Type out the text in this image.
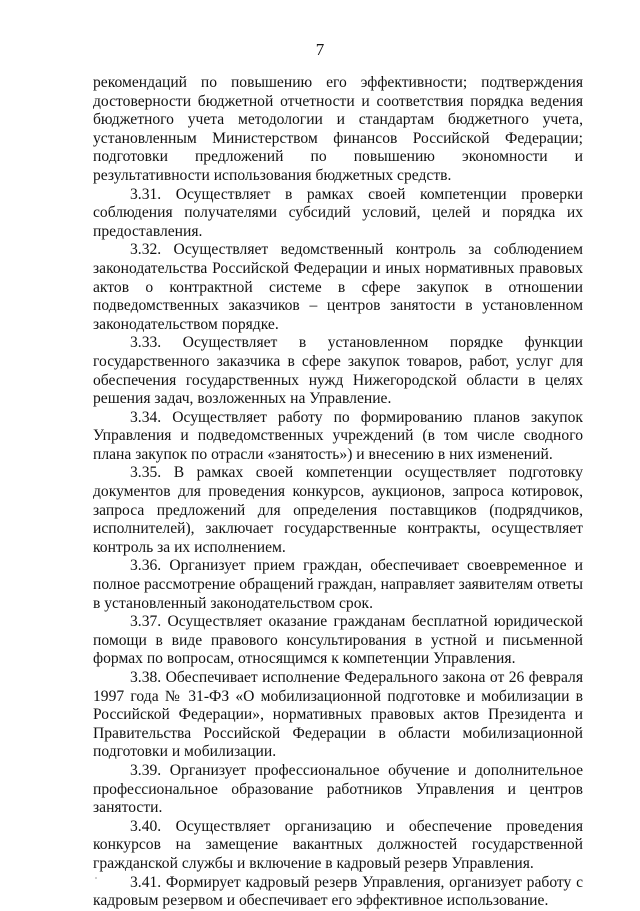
7

рекомендаций по повышению его эффективности; подтверждения достоверности бюджетной отчетности и соответствия порядка ведения бюджетного учета методологии и стандартам бюджетного учета, установленным Министерством финансов Российской Федерации; подготовки предложений по повышению экономности и результативности использования бюджетных средств.

3.31. Осуществляет в рамках своей компетенции проверки соблюдения получателями субсидий условий, целей и порядка их предоставления.

3.32. Осуществляет ведомственный контроль за соблюдением законодательства Российской Федерации и иных нормативных правовых актов о контрактной системе в сфере закупок в отношении подведомственных заказчиков – центров занятости в установленном законодательством порядке.

3.33. Осуществляет в установленном порядке функции государственного заказчика в сфере закупок товаров, работ, услуг для обеспечения государственных нужд Нижегородской области в целях решения задач, возложенных на Управление.

3.34. Осуществляет работу по формированию планов закупок Управления и подведомственных учреждений (в том числе сводного плана закупок по отрасли «занятость») и внесению в них изменений.

3.35. В рамках своей компетенции осуществляет подготовку документов для проведения конкурсов, аукционов, запроса котировок, запроса предложений для определения поставщиков (подрядчиков, исполнителей), заключает государственные контракты, осуществляет контроль за их исполнением.

3.36. Организует прием граждан, обеспечивает своевременное и полное рассмотрение обращений граждан, направляет заявителям ответы в установленный законодательством срок.

3.37. Осуществляет оказание гражданам бесплатной юридической помощи в виде правового консультирования в устной и письменной формах по вопросам, относящимся к компетенции Управления.

3.38. Обеспечивает исполнение Федерального закона от 26 февраля 1997 года № 31-ФЗ «О мобилизационной подготовке и мобилизации в Российской Федерации», нормативных правовых актов Президента и Правительства Российской Федерации в области мобилизационной подготовки и мобилизации.

3.39. Организует профессиональное обучение и дополнительное профессиональное образование работников Управления и центров занятости.

3.40. Осуществляет организацию и обеспечение проведения конкурсов на замещение вакантных должностей государственной гражданской службы и включение в кадровый резерв Управления.

3.41. Формирует кадровый резерв Управления, организует работу с кадровым резервом и обеспечивает его эффективное использование.
